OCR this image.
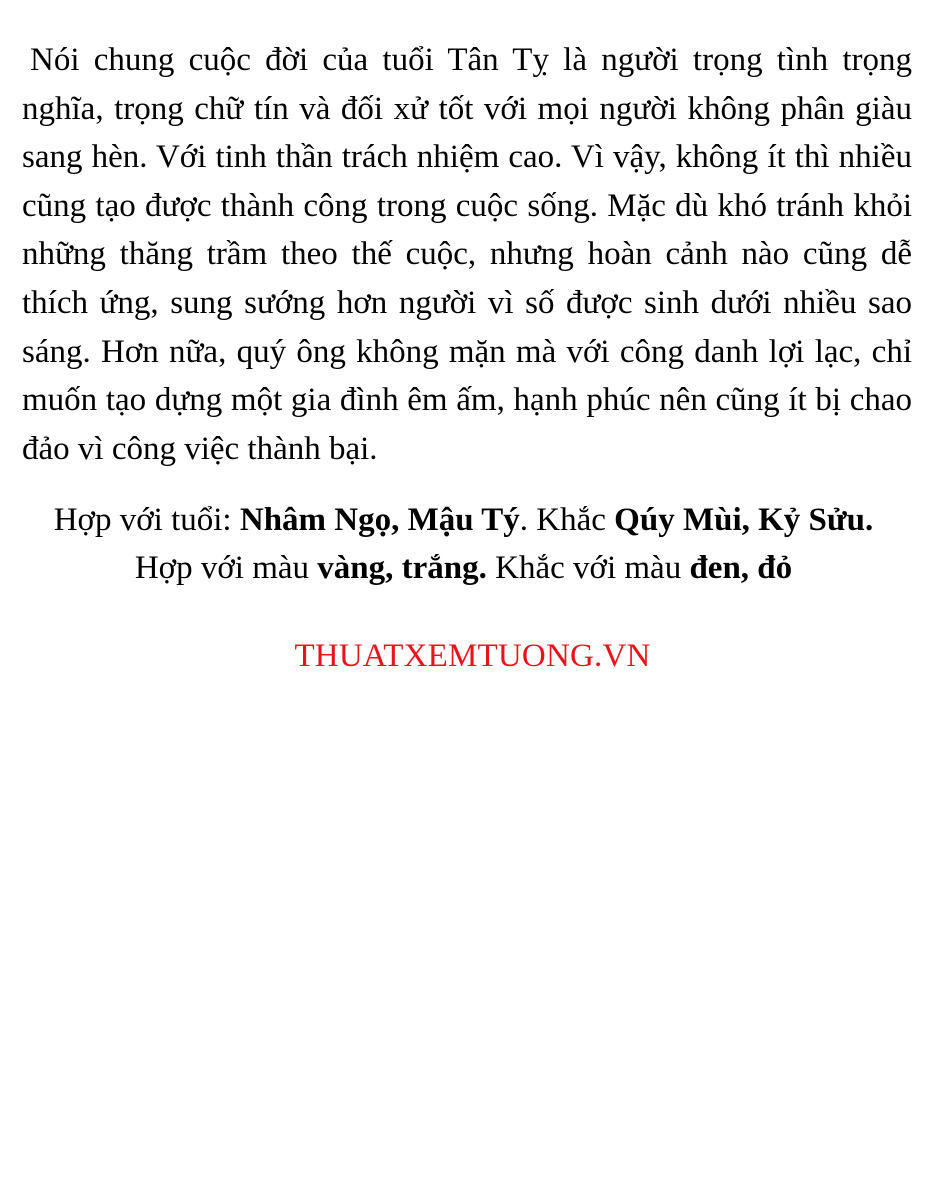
Nói chung cuộc đời của tuổi Tân Tỵ là người trọng tình trọng nghĩa, trọng chữ tín và đối xử tốt với mọi người không phân giàu sang hèn. Với tinh thần trách nhiệm cao. Vì vậy, không ít thì nhiều cũng tạo được thành công trong cuộc sống. Mặc dù khó tránh khỏi những thăng trầm theo thế cuộc, nhưng hoàn cảnh nào cũng dễ thích ứng, sung sướng hơn người vì số được sinh dưới nhiều sao sáng. Hơn nữa, quý ông không mặn mà với công danh lợi lạc, chỉ muốn tạo dựng một gia đình êm ấm, hạnh phúc nên cũng ít bị chao đảo vì công việc thành bại.

Hợp với tuổi: Nhâm Ngọ, Mậu Tý. Khắc Qúy Mùi, Kỷ Sửu.
Hợp với màu vàng, trắng. Khắc với màu đen, đỏ

THUATXEMTUONG.VN
